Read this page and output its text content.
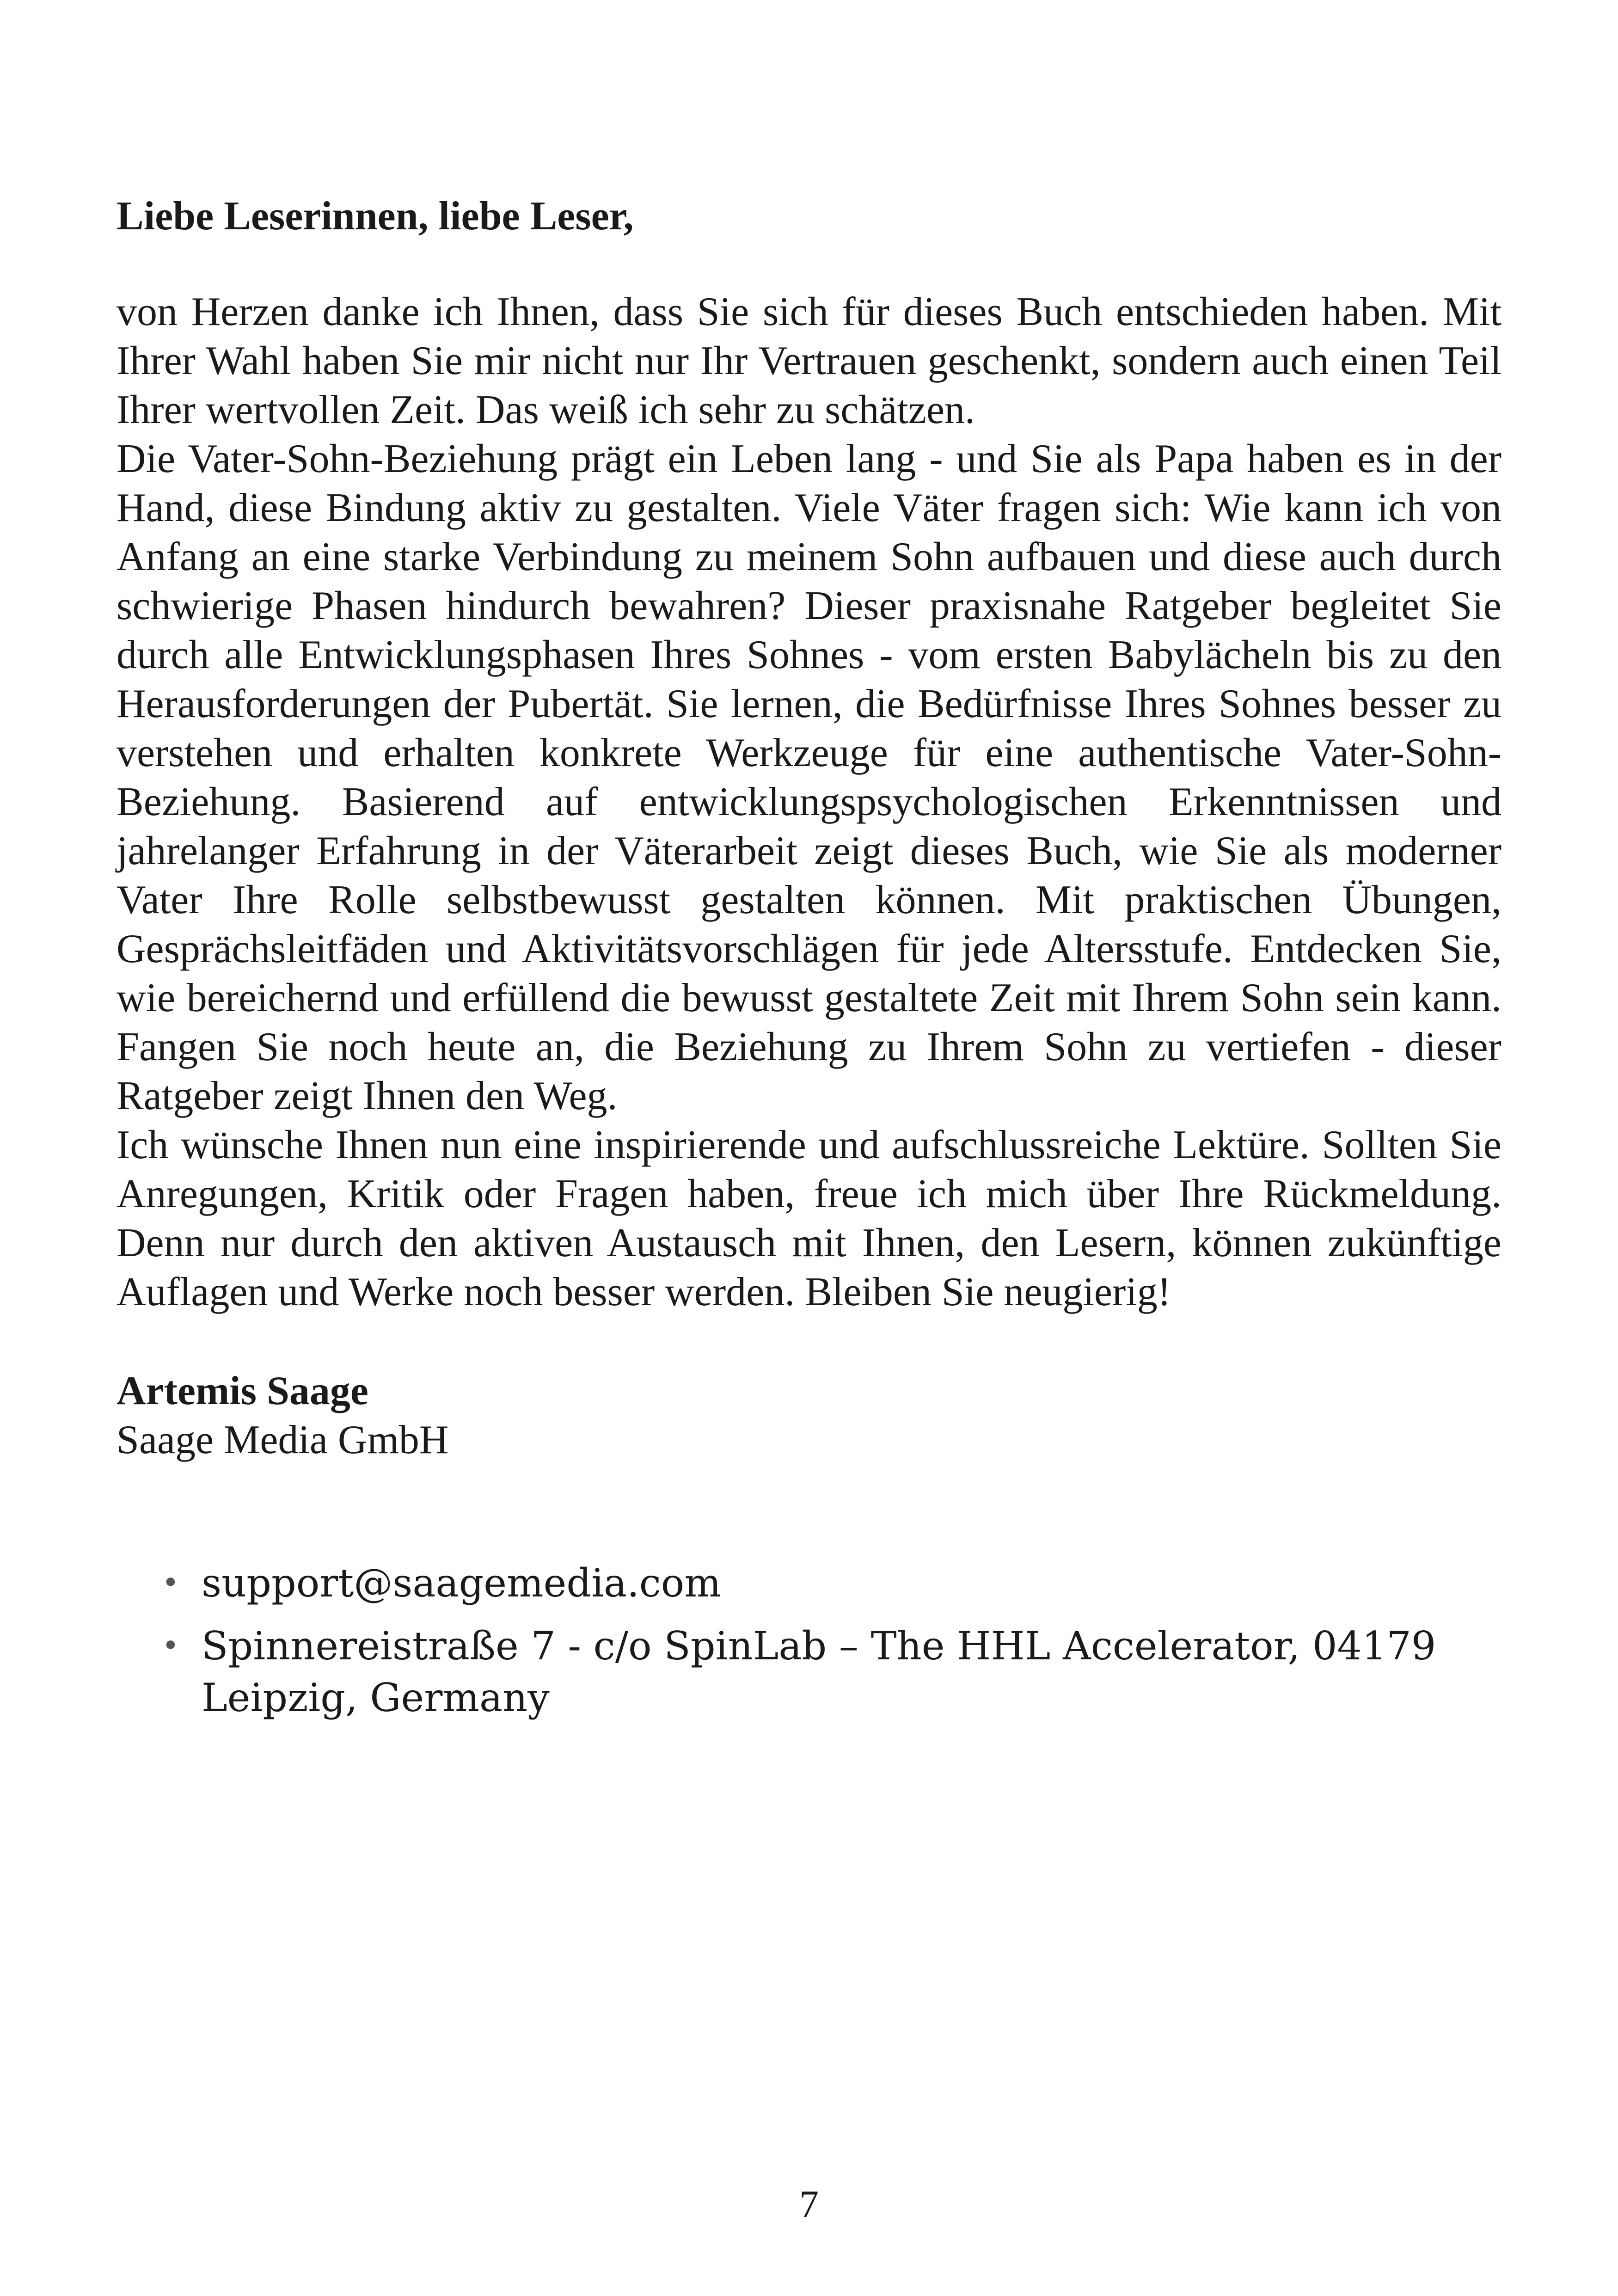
Liebe Leserinnen, liebe Leser,

von Herzen danke ich Ihnen, dass Sie sich für dieses Buch entschieden haben. Mit Ihrer Wahl haben Sie mir nicht nur Ihr Vertrauen geschenkt, sondern auch einen Teil Ihrer wertvollen Zeit. Das weiß ich sehr zu schätzen.

Die Vater-Sohn-Beziehung prägt ein Leben lang - und Sie als Papa haben es in der Hand, diese Bindung aktiv zu gestalten. Viele Väter fragen sich: Wie kann ich von Anfang an eine starke Verbindung zu meinem Sohn aufbauen und diese auch durch schwierige Phasen hindurch bewahren? Dieser praxisnahe Ratgeber begleitet Sie durch alle Entwicklungsphasen Ihres Sohnes - vom ersten Babylächeln bis zu den Herausforderungen der Pubertät. Sie lernen, die Bedürfnisse Ihres Sohnes besser zu verstehen und erhalten konkrete Werkzeuge für eine authentische Vater-Sohn-Beziehung. Basierend auf entwicklungspsychologischen Erkenntnissen und jahrelanger Erfahrung in der Väterarbeit zeigt dieses Buch, wie Sie als moderner Vater Ihre Rolle selbstbewusst gestalten können. Mit praktischen Übungen, Gesprächsleitfäden und Aktivitätsvorschlägen für jede Altersstufe. Entdecken Sie, wie bereichernd und erfüllend die bewusst gestaltete Zeit mit Ihrem Sohn sein kann. Fangen Sie noch heute an, die Beziehung zu Ihrem Sohn zu vertiefen - dieser Ratgeber zeigt Ihnen den Weg.

Ich wünsche Ihnen nun eine inspirierende und aufschlussreiche Lektüre. Sollten Sie Anregungen, Kritik oder Fragen haben, freue ich mich über Ihre Rückmeldung. Denn nur durch den aktiven Austausch mit Ihnen, den Lesern, können zukünftige Auflagen und Werke noch besser werden. Bleiben Sie neugierig!

Artemis Saage
Saage Media GmbH
• support@saagemedia.com
• Spinnereistraße 7 - c/o SpinLab – The HHL Accelerator, 04179 Leipzig, Germany
7
